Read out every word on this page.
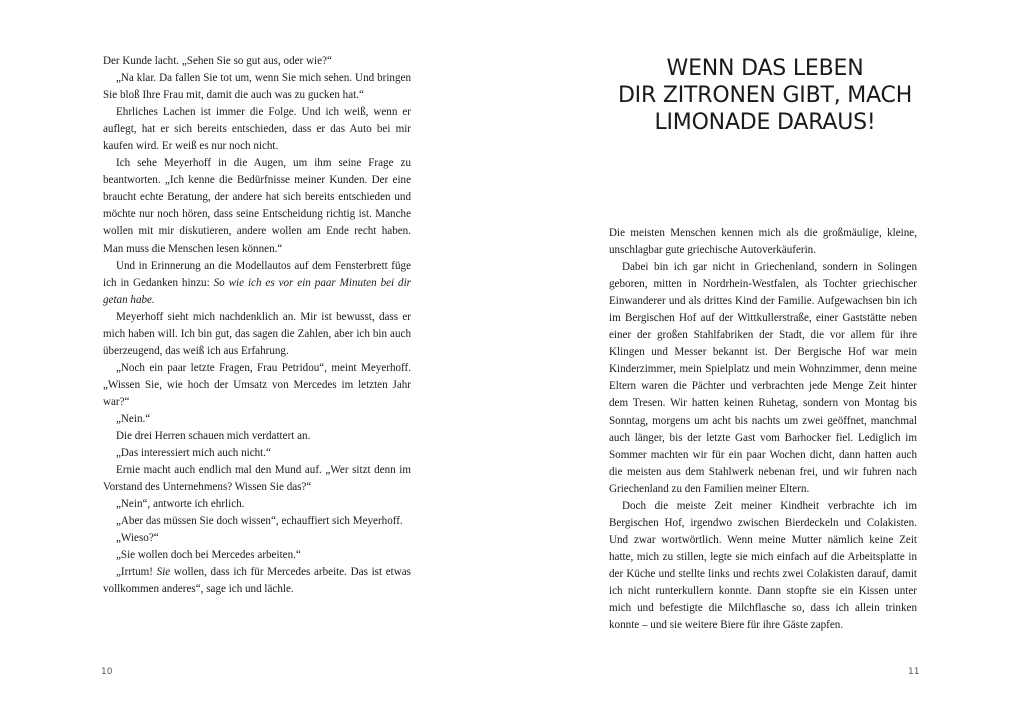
Der Kunde lacht. „Sehen Sie so gut aus, oder wie?“

„Na klar. Da fallen Sie tot um, wenn Sie mich sehen. Und bringen Sie bloß Ihre Frau mit, damit die auch was zu gucken hat.“

Ehrliches Lachen ist immer die Folge. Und ich weiß, wenn er auflegt, hat er sich bereits entschieden, dass er das Auto bei mir kaufen wird. Er weiß es nur noch nicht.

Ich sehe Meyerhoff in die Augen, um ihm seine Frage zu beantworten. „Ich kenne die Bedürfnisse meiner Kunden. Der eine braucht echte Beratung, der andere hat sich bereits entschieden und möchte nur noch hören, dass seine Entscheidung richtig ist. Manche wollen mit mir diskutieren, andere wollen am Ende recht haben. Man muss die Menschen lesen können.“

Und in Erinnerung an die Modellautos auf dem Fensterbrett füge ich in Gedanken hinzu: So wie ich es vor ein paar Minuten bei dir getan habe.

Meyerhoff sieht mich nachdenklich an. Mir ist bewusst, dass er mich haben will. Ich bin gut, das sagen die Zahlen, aber ich bin auch überzeugend, das weiß ich aus Erfahrung.

„Noch ein paar letzte Fragen, Frau Petridou“, meint Meyerhoff. „Wissen Sie, wie hoch der Umsatz von Mercedes im letzten Jahr war?“

„Nein.“

Die drei Herren schauen mich verdattert an.

„Das interessiert mich auch nicht.“

Ernie macht auch endlich mal den Mund auf. „Wer sitzt denn im Vorstand des Unternehmens? Wissen Sie das?“

„Nein“, antworte ich ehrlich.

„Aber das müssen Sie doch wissen“, echauffiert sich Meyerhoff.

„Wieso?“

„Sie wollen doch bei Mercedes arbeiten.“

„Irrtum! Sie wollen, dass ich für Mercedes arbeite. Das ist etwas vollkommen anderes“, sage ich und lächle.

10
WENN DAS LEBEN
DIR ZITRONEN GIBT, MACH
LIMONADE DARAUS!

Die meisten Menschen kennen mich als die großmäulige, kleine, unschlagbar gute griechische Autoverkäuferin.

Dabei bin ich gar nicht in Griechenland, sondern in Solingen geboren, mitten in Nordrhein-Westfalen, als Tochter griechischer Einwanderer und als drittes Kind der Familie. Aufgewachsen bin ich im Bergischen Hof auf der Wittkullerstraße, einer Gaststätte neben einer der großen Stahlfabriken der Stadt, die vor allem für ihre Klingen und Messer bekannt ist. Der Bergische Hof war mein Kinderzimmer, mein Spielplatz und mein Wohnzimmer, denn meine Eltern waren die Pächter und verbrachten jede Menge Zeit hinter dem Tresen. Wir hatten keinen Ruhetag, sondern von Montag bis Sonntag, morgens um acht bis nachts um zwei geöffnet, manchmal auch länger, bis der letzte Gast vom Barhocker fiel. Lediglich im Sommer machten wir für ein paar Wochen dicht, dann hatten auch die meisten aus dem Stahlwerk nebenan frei, und wir fuhren nach Griechenland zu den Familien meiner Eltern.

Doch die meiste Zeit meiner Kindheit verbrachte ich im Bergischen Hof, irgendwo zwischen Bierdeckeln und Colakisten. Und zwar wortwörtlich. Wenn meine Mutter nämlich keine Zeit hatte, mich zu stillen, legte sie mich einfach auf die Arbeitsplatte in der Küche und stellte links und rechts zwei Colakisten darauf, damit ich nicht runterkullern konnte. Dann stopfte sie ein Kissen unter mich und befestigte die Milchflasche so, dass ich allein trinken konnte – und sie weitere Biere für ihre Gäste zapfen.

11
